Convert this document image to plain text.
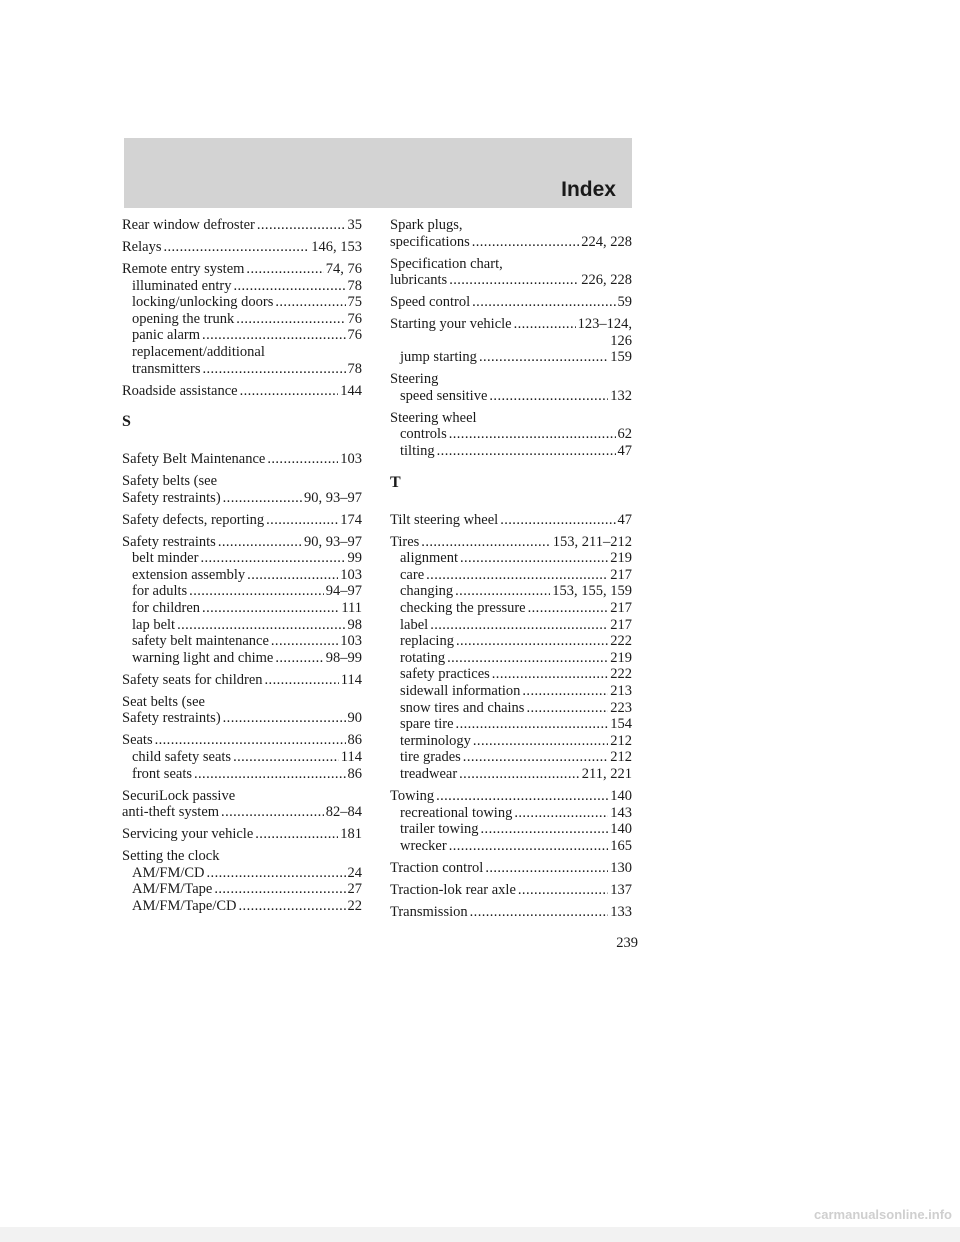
Index
Rear window defroster .....	35
Relays .....	146, 153
Remote entry system .....	74, 76
illuminated entry .....	78
locking/unlocking doors .....	75
opening the trunk .....	76
panic alarm .....	76
replacement/additional
transmitters .....	78
Roadside assistance .....	144
S
Safety Belt Maintenance .....	103
Safety belts (see
Safety restraints) .....	90, 93–97
Safety defects, reporting .....	174
Safety restraints .....	90, 93–97
belt minder .....	99
extension assembly .....	103
for adults .....	94–97
for children .....	111
lap belt .....	98
safety belt maintenance .....	103
warning light and chime .....	98–99
Safety seats for children .....	114
Seat belts (see
Safety restraints) .....	90
Seats .....	86
child safety seats .....	114
front seats .....	86
SecuriLock passive
anti-theft system .....	82–84
Servicing your vehicle .....	181
Setting the clock
AM/FM/CD .....	24
AM/FM/Tape .....	27
AM/FM/Tape/CD .....	22
Spark plugs,
specifications .....	224, 228
Specification chart,
lubricants .....	226, 228
Speed control .....	59
Starting your vehicle .....	123–124,
126
jump starting .....	159
Steering
speed sensitive .....	132
Steering wheel
controls .....	62
tilting .....	47
T
Tilt steering wheel .....	47
Tires .....	153, 211–212
alignment .....	219
care .....	217
changing .....	153, 155, 159
checking the pressure .....	217
label .....	217
replacing .....	222
rotating .....	219
safety practices .....	222
sidewall information .....	213
snow tires and chains .....	223
spare tire .....	154
terminology .....	212
tire grades .....	212
treadwear .....	211, 221
Towing .....	140
recreational towing .....	143
trailer towing .....	140
wrecker .....	165
Traction control .....	130
Traction-lok rear axle .....	137
Transmission .....	133
239
carmanualsonline.info
